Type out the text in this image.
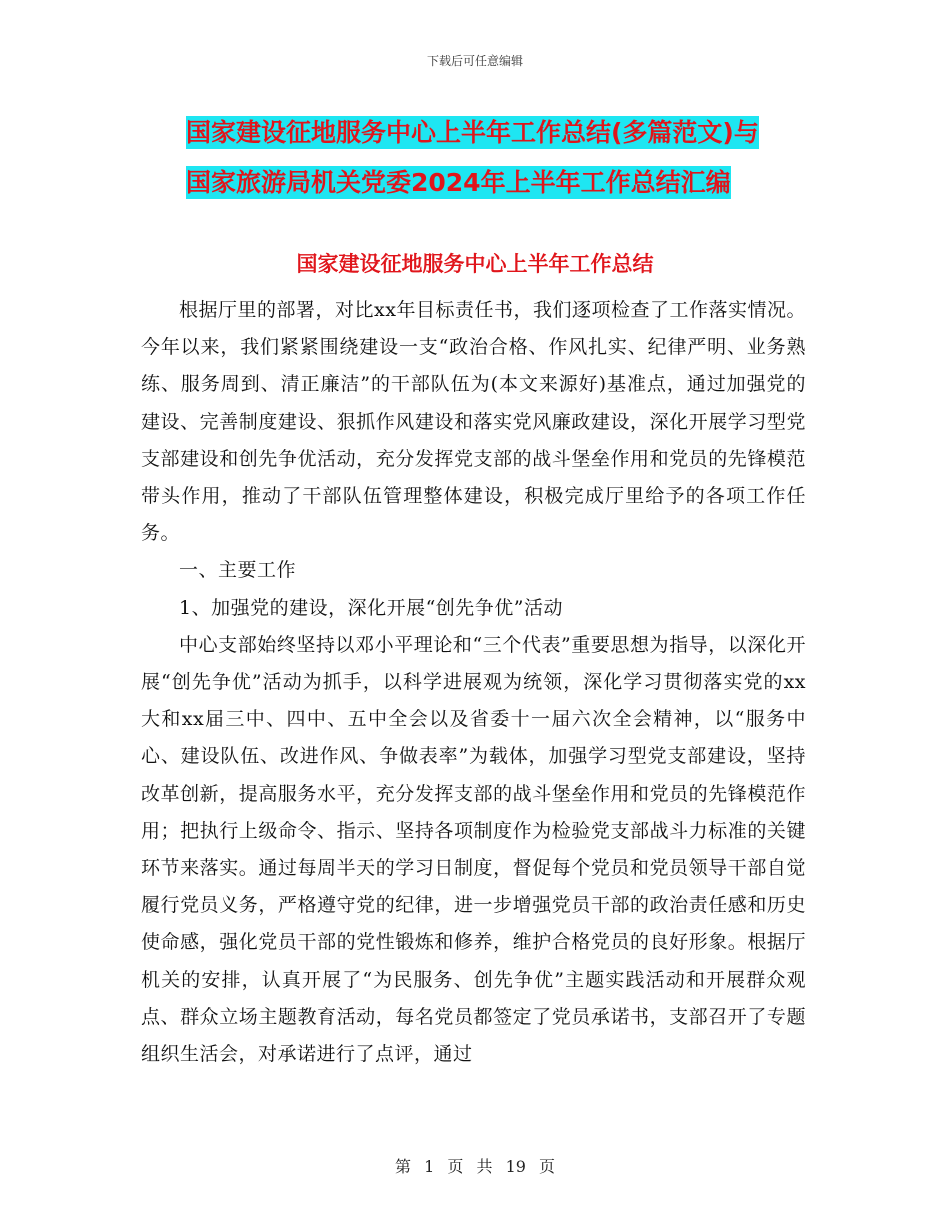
下载后可任意编辑
国家建设征地服务中心上半年工作总结(多篇范文)与
国家旅游局机关党委2024年上半年工作总结汇编
国家建设征地服务中心上半年工作总结

根据厅里的部署，对比xx年目标责任书，我们逐项检查了工作落实情况。今年以来，我们紧紧围绕建设一支“政治合格、作风扎实、纪律严明、业务熟练、服务周到、清正廉洁”的干部队伍为(本文来源好)基准点，通过加强党的建设、完善制度建设、狠抓作风建设和落实党风廉政建设，深化开展学习型党支部建设和创先争优活动，充分发挥党支部的战斗堡垒作用和党员的先锋模范带头作用，推动了干部队伍管理整体建设，积极完成厅里给予的各项工作任务。

一、主要工作

1、加强党的建设，深化开展“创先争优”活动

中心支部始终坚持以邓小平理论和“三个代表”重要思想为指导，以深化开展“创先争优”活动为抓手，以科学进展观为统领，深化学习贯彻落实党的xx大和xx届三中、四中、五中全会以及省委十一届六次全会精神，以“服务中心、建设队伍、改进作风、争做表率”为载体，加强学习型党支部建设，坚持改革创新，提高服务水平，充分发挥支部的战斗堡垒作用和党员的先锋模范作用；把执行上级命令、指示、坚持各项制度作为检验党支部战斗力标准的关键环节来落实。通过每周半天的学习日制度，督促每个党员和党员领导干部自觉履行党员义务，严格遵守党的纪律，进一步增强党员干部的政治责任感和历史使命感，强化党员干部的党性锻炼和修养，维护合格党员的良好形象。根据厅机关的安排，认真开展了“为民服务、创先争优”主题实践活动和开展群众观点、群众立场主题教育活动，每名党员都签定了党员承诺书，支部召开了专题组织生活会，对承诺进行了点评，通过

第 1 页 共 19 页
